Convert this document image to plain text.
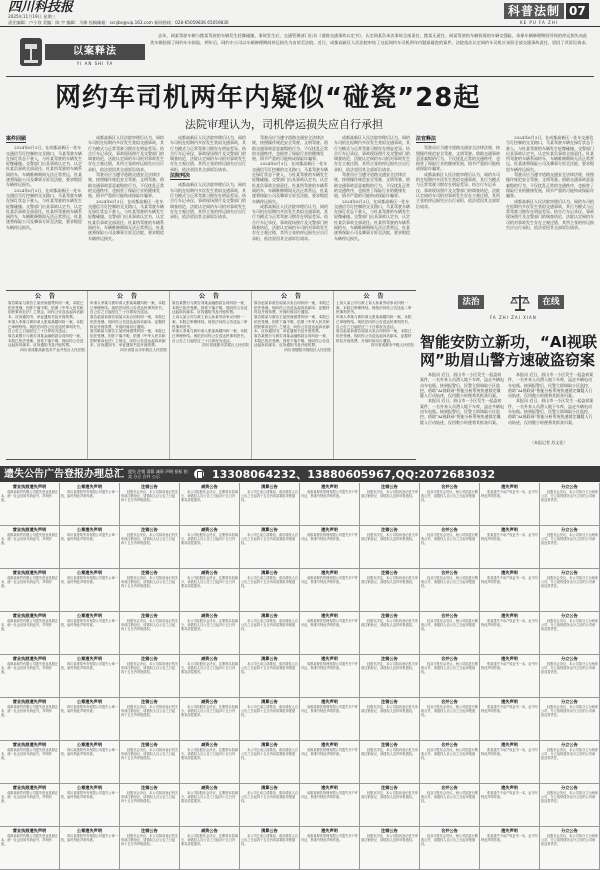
四川科技报
2025年11月19日 星期三
责任编辑：卢小容 美编：陈 宇 编辑：马梅 投稿邮箱：scnjbs@vip.163.com 新闻热线：028-65059836 65059830
科普法制 07
KE PU FA ZHI
以案释法
YI AN SHI FA

去年，网某驾驶车辆与摆某驾驶的车辆发生轻微碰撞，事故发生后，交通管理部门出具《道路交通事故认定书》，认定网某负本次事故全部责任，摆某无责任。网某驾驶的车辆投保的车辆交强险，承保车辆修理期间导致的停运损失向此类车辆投保了网约车车损险，两年后，网约车公司以车辆修理期间停运损失为由诉至法院。近日，成都高新区人民法院审结了这起网约车司机两年内疑似碰瓷的案件，法院依法认定网约车司机应承担全部交通事故责任，驳回了其诉讼请求。

网约车司机两年内疑似“碰瓷”28起
法院审理认为，司机停运损失应自行承担
案件回顾

2024年6月3日，在成都高新区一处车交通信号灯控制的交叉路口，马某驾驶车辆在绿灯状态下驶入，与杜某驾驶的车辆发生轻微碰撞。交警部门出具事故认定书，认定杜某负事故全部责任。杜某所驾驶的车辆系网约车，车辆维修期间无法正常营运，杜某遂将保险公司及肇事方诉至法院，要求赔偿车辆停运损失。

2024年6月3日，在成都高新区一处车交通信号灯控制的交叉路口，马某驾驶车辆在绿灯状态下驶入，与杜某驾驶的车辆发生轻微碰撞。交警部门出具事故认定书，认定杜某负事故全部责任。杜某所驾驶的车辆系网约车，车辆维修期间无法正常营运，杜某遂将保险公司及肇事方诉至法院，要求赔偿车辆停运损失。

成都高新区人民法院审理后认为，网约车司机在短期内多次发生类似交通事故，其行为模式与正常驾驶习惯存在明显差异。结合行车记录仪、事故现场照片及交警部门的调查结论，法院认定网约车司机对事故发生存在主观过错，其所主张的停运损失应自行承担，依法驳回其全部诉讼请求。

驾驶员应当遵守道路交通安全法律法规，按照操作规范安全驾驶、文明驾驶。借助交通事故恶意索赔的行为，不仅扰乱正常的交通秩序，也损害了保险行业的健康发展，情节严重的可能构成保险诈骗罪。

2024年6月3日，在成都高新区一处车交通信号灯控制的交叉路口，马某驾驶车辆在绿灯状态下驶入，与杜某驾驶的车辆发生轻微碰撞。交警部门出具事故认定书，认定杜某负事故全部责任。杜某所驾驶的车辆系网约车，车辆维修期间无法正常营运，杜某遂将保险公司及肇事方诉至法院，要求赔偿车辆停运损失。

成都高新区人民法院审理后认为，网约车司机在短期内多次发生类似交通事故，其行为模式与正常驾驶习惯存在明显差异。结合行车记录仪、事故现场照片及交警部门的调查结论，法院认定网约车司机对事故发生存在主观过错，其所主张的停运损失应自行承担，依法驳回其全部诉讼请求。

法院判决

成都高新区人民法院审理后认为，网约车司机在短期内多次发生类似交通事故，其行为模式与正常驾驶习惯存在明显差异。结合行车记录仪、事故现场照片及交警部门的调查结论，法院认定网约车司机对事故发生存在主观过错，其所主张的停运损失应自行承担，依法驳回其全部诉讼请求。

驾驶员应当遵守道路交通安全法律法规，按照操作规范安全驾驶、文明驾驶。借助交通事故恶意索赔的行为，不仅扰乱正常的交通秩序，也损害了保险行业的健康发展，情节严重的可能构成保险诈骗罪。

2024年6月3日，在成都高新区一处车交通信号灯控制的交叉路口，马某驾驶车辆在绿灯状态下驶入，与杜某驾驶的车辆发生轻微碰撞。交警部门出具事故认定书，认定杜某负事故全部责任。杜某所驾驶的车辆系网约车，车辆维修期间无法正常营运，杜某遂将保险公司及肇事方诉至法院，要求赔偿车辆停运损失。

成都高新区人民法院审理后认为，网约车司机在短期内多次发生类似交通事故，其行为模式与正常驾驶习惯存在明显差异。结合行车记录仪、事故现场照片及交警部门的调查结论，法院认定网约车司机对事故发生存在主观过错，其所主张的停运损失应自行承担，依法驳回其全部诉讼请求。

成都高新区人民法院审理后认为，网约车司机在短期内多次发生类似交通事故，其行为模式与正常驾驶习惯存在明显差异。结合行车记录仪、事故现场照片及交警部门的调查结论，法院认定网约车司机对事故发生存在主观过错，其所主张的停运损失应自行承担，依法驳回其全部诉讼请求。

驾驶员应当遵守道路交通安全法律法规，按照操作规范安全驾驶、文明驾驶。借助交通事故恶意索赔的行为，不仅扰乱正常的交通秩序，也损害了保险行业的健康发展，情节严重的可能构成保险诈骗罪。

2024年6月3日，在成都高新区一处车交通信号灯控制的交叉路口，马某驾驶车辆在绿灯状态下驶入，与杜某驾驶的车辆发生轻微碰撞。交警部门出具事故认定书，认定杜某负事故全部责任。杜某所驾驶的车辆系网约车，车辆维修期间无法正常营运，杜某遂将保险公司及肇事方诉至法院，要求赔偿车辆停运损失。

法官释法

驾驶员应当遵守道路交通安全法律法规，按照操作规范安全驾驶、文明驾驶。借助交通事故恶意索赔的行为，不仅扰乱正常的交通秩序，也损害了保险行业的健康发展，情节严重的可能构成保险诈骗罪。

成都高新区人民法院审理后认为，网约车司机在短期内多次发生类似交通事故，其行为模式与正常驾驶习惯存在明显差异。结合行车记录仪、事故现场照片及交警部门的调查结论，法院认定网约车司机对事故发生存在主观过错，其所主张的停运损失应自行承担，依法驳回其全部诉讼请求。

2024年6月3日，在成都高新区一处车交通信号灯控制的交叉路口，马某驾驶车辆在绿灯状态下驶入，与杜某驾驶的车辆发生轻微碰撞。交警部门出具事故认定书，认定杜某负事故全部责任。杜某所驾驶的车辆系网约车，车辆维修期间无法正常营运，杜某遂将保险公司及肇事方诉至法院，要求赔偿车辆停运损失。

驾驶员应当遵守道路交通安全法律法规，按照操作规范安全驾驶、文明驾驶。借助交通事故恶意索赔的行为，不仅扰乱正常的交通秩序，也损害了保险行业的健康发展，情节严重的可能构成保险诈骗罪。

成都高新区人民法院审理后认为，网约车司机在短期内多次发生类似交通事故，其行为模式与正常驾驶习惯存在明显差异。结合行车记录仪、事故现场照片及交警部门的调查结论，法院认定网约车司机对事故发生存在主观过错，其所主张的停运损失应自行承担，依法驳回其全部诉讼请求。

公 告

原告陈某与被告王某民间借贷纠纷一案，本院已依法受理。因你下落不明，依照《中华人民共和国民事诉讼法》之规定，向你公告送达起诉状副本、应诉通知书、举证通知书及开庭传票。

申请人李某与被申请人张某离婚纠纷一案，本院已审理终结。现依法向你公告送达民事判决书，自公告之日起经过三十日即视为送达。

原告某银行与被告刘某金融借款合同纠纷一案，本院已依法受理。因你下落不明，现向你公告送达起诉状副本、应诉通知书及开庭传票。

四川省成都高新技术产业开发区人民法院
公 告

申请人李某与被申请人张某离婚纠纷一案，本院已审理终结。现依法向你公告送达民事判决书，自公告之日起经过三十日即视为送达。

原告赵某诉被告周某买卖合同纠纷一案，本院已依法受理。现向你公告送达起诉状副本、证据材料及开庭传票，开庭时间另行通知。

原告陈某与被告王某民间借贷纠纷一案，本院已依法受理。因你下落不明，依照《中华人民共和国民事诉讼法》之规定，向你公告送达起诉状副本、应诉通知书、举证通知书及开庭传票。

四川省眉山市东坡区人民法院
公 告

原告某银行与被告刘某金融借款合同纠纷一案，本院已依法受理。因你下落不明，现向你公告送达起诉状副本、应诉通知书及开庭传票。

上诉人某公司与被上诉人孙某劳动争议纠纷一案，本院已审理终结。现依法向你公告送达二审民事判决书。

申请人李某与被申请人张某离婚纠纷一案，本院已审理终结。现依法向你公告送达民事判决书，自公告之日起经过三十日即视为送达。

四川省成都市武侯区人民法院
公 告

原告赵某诉被告周某买卖合同纠纷一案，本院已依法受理。现向你公告送达起诉状副本、证据材料及开庭传票，开庭时间另行通知。

原告陈某与被告王某民间借贷纠纷一案，本院已依法受理。因你下落不明，依照《中华人民共和国民事诉讼法》之规定，向你公告送达起诉状副本、应诉通知书、举证通知书及开庭传票。

原告某银行与被告刘某金融借款合同纠纷一案，本院已依法受理。因你下落不明，现向你公告送达起诉状副本、应诉通知书及开庭传票。

四川省德阳市旌阳区人民法院
公 告

上诉人某公司与被上诉人孙某劳动争议纠纷一案，本院已审理终结。现依法向你公告送达二审民事判决书。

申请人李某与被申请人张某离婚纠纷一案，本院已审理终结。现依法向你公告送达民事判决书，自公告之日起经过三十日即视为送达。

原告赵某诉被告周某买卖合同纠纷一案，本院已依法受理。现向你公告送达起诉状副本、证据材料及开庭传票，开庭时间另行通知。

四川省成都市中级人民法院
法治	在线
FA ZHI ZAI XIAN
智能安防立新功，“AI视联网”助眉山警方速破盗窃案

本报讯 近日，眉山市一小区发生一起盗窃案件，一名外来人员潜入地下车库，盗走多辆电动车电瓶。接到报警后，民警立即调取小区监控，借助“AI视联网”智能分析系统快速锁定嫌疑人行动轨迹，仅用数小时便将其抓获归案。

本报讯 近日，眉山市一小区发生一起盗窃案件，一名外来人员潜入地下车库，盗走多辆电动车电瓶。接到报警后，民警立即调取小区监控，借助“AI视联网”智能分析系统快速锁定嫌疑人行动轨迹，仅用数小时便将其抓获归案。

本报讯 近日，眉山市一小区发生一起盗窃案件，一名外来人员潜入地下车库，盗走多辆电动车电瓶。接到报警后，民警立即调取小区监控，借助“AI视联网”智能分析系统快速锁定嫌疑人行动轨迹，仅用数小时便将其抓获归案。

本报讯 近日，眉山市一小区发生一起盗窃案件，一名外来人员潜入地下车库，盗走多辆电动车电瓶。接到报警后，民警立即调取小区监控，借助“AI视联网”智能分析系统快速锁定嫌疑人行动轨迹，仅用数小时便将其抓获归案。

（本报记者 苏文佳）
遗失公告广告登报办理总汇 遗失 注销 清算 减资 声明 招标 拍卖 分立 合并 公示	13308064232、13880605967,QQ:2072683032
营业执照遗失声明
成都某商贸有限公司遗失营业执照正本，统一社会信用代码证号，声明作废。
公章遗失声明
四川某建筑劳务有限公司遗失公章一枚，编号特此声明作废。
注销公告
经股东会决议，本公司拟向登记机关申请注销登记，请债权人自公告之日起四十五日内申报债权。
减资公告
本公司经股东会决议，注册资本拟减少，请债权人自公告之日起四十五日内要求清偿债务。
清算公告
本公司已成立清算组，请各债权人自公告之日起四十五日内向清算组申报债权。
遗失声明
成都某餐饮管理有限公司遗失开户许可证，核准号特此声明作废。
注销公告
经股东决定，本公司拟向登记机关申请注销登记，请债权人及时申报债权。
合并公告
经双方股东会决议，两公司拟进行吸收合并，请债权人自公告之日起申报债权。
遗失声明
张某遗失不动产权证书一本，证书号特此声明作废。
分立公告
经股东会决议，本公司拟分立为两家公司，分立前的债务由分立后的公司承担连带责任。
营业执照遗失声明
成都某商贸有限公司遗失营业执照正本，统一社会信用代码证号，声明作废。
公章遗失声明
四川某建筑劳务有限公司遗失公章一枚，编号特此声明作废。
注销公告
经股东会决议，本公司拟向登记机关申请注销登记，请债权人自公告之日起四十五日内申报债权。
减资公告
本公司经股东会决议，注册资本拟减少，请债权人自公告之日起四十五日内要求清偿债务。
清算公告
本公司已成立清算组，请各债权人自公告之日起四十五日内向清算组申报债权。
遗失声明
成都某餐饮管理有限公司遗失开户许可证，核准号特此声明作废。
注销公告
经股东决定，本公司拟向登记机关申请注销登记，请债权人及时申报债权。
合并公告
经双方股东会决议，两公司拟进行吸收合并，请债权人自公告之日起申报债权。
遗失声明
张某遗失不动产权证书一本，证书号特此声明作废。
分立公告
经股东会决议，本公司拟分立为两家公司，分立前的债务由分立后的公司承担连带责任。
营业执照遗失声明
成都某商贸有限公司遗失营业执照正本，统一社会信用代码证号，声明作废。
公章遗失声明
四川某建筑劳务有限公司遗失公章一枚，编号特此声明作废。
注销公告
经股东会决议，本公司拟向登记机关申请注销登记，请债权人自公告之日起四十五日内申报债权。
减资公告
本公司经股东会决议，注册资本拟减少，请债权人自公告之日起四十五日内要求清偿债务。
清算公告
本公司已成立清算组，请各债权人自公告之日起四十五日内向清算组申报债权。
遗失声明
成都某餐饮管理有限公司遗失开户许可证，核准号特此声明作废。
注销公告
经股东决定，本公司拟向登记机关申请注销登记，请债权人及时申报债权。
合并公告
经双方股东会决议，两公司拟进行吸收合并，请债权人自公告之日起申报债权。
遗失声明
张某遗失不动产权证书一本，证书号特此声明作废。
分立公告
经股东会决议，本公司拟分立为两家公司，分立前的债务由分立后的公司承担连带责任。
营业执照遗失声明
成都某商贸有限公司遗失营业执照正本，统一社会信用代码证号，声明作废。
公章遗失声明
四川某建筑劳务有限公司遗失公章一枚，编号特此声明作废。
注销公告
经股东会决议，本公司拟向登记机关申请注销登记，请债权人自公告之日起四十五日内申报债权。
减资公告
本公司经股东会决议，注册资本拟减少，请债权人自公告之日起四十五日内要求清偿债务。
清算公告
本公司已成立清算组，请各债权人自公告之日起四十五日内向清算组申报债权。
遗失声明
成都某餐饮管理有限公司遗失开户许可证，核准号特此声明作废。
注销公告
经股东决定，本公司拟向登记机关申请注销登记，请债权人及时申报债权。
合并公告
经双方股东会决议，两公司拟进行吸收合并，请债权人自公告之日起申报债权。
遗失声明
张某遗失不动产权证书一本，证书号特此声明作废。
分立公告
经股东会决议，本公司拟分立为两家公司，分立前的债务由分立后的公司承担连带责任。
营业执照遗失声明
成都某商贸有限公司遗失营业执照正本，统一社会信用代码证号，声明作废。
公章遗失声明
四川某建筑劳务有限公司遗失公章一枚，编号特此声明作废。
注销公告
经股东会决议，本公司拟向登记机关申请注销登记，请债权人自公告之日起四十五日内申报债权。
减资公告
本公司经股东会决议，注册资本拟减少，请债权人自公告之日起四十五日内要求清偿债务。
清算公告
本公司已成立清算组，请各债权人自公告之日起四十五日内向清算组申报债权。
遗失声明
成都某餐饮管理有限公司遗失开户许可证，核准号特此声明作废。
注销公告
经股东决定，本公司拟向登记机关申请注销登记，请债权人及时申报债权。
合并公告
经双方股东会决议，两公司拟进行吸收合并，请债权人自公告之日起申报债权。
遗失声明
张某遗失不动产权证书一本，证书号特此声明作废。
分立公告
经股东会决议，本公司拟分立为两家公司，分立前的债务由分立后的公司承担连带责任。
营业执照遗失声明
成都某商贸有限公司遗失营业执照正本，统一社会信用代码证号，声明作废。
公章遗失声明
四川某建筑劳务有限公司遗失公章一枚，编号特此声明作废。
注销公告
经股东会决议，本公司拟向登记机关申请注销登记，请债权人自公告之日起四十五日内申报债权。
减资公告
本公司经股东会决议，注册资本拟减少，请债权人自公告之日起四十五日内要求清偿债务。
清算公告
本公司已成立清算组，请各债权人自公告之日起四十五日内向清算组申报债权。
遗失声明
成都某餐饮管理有限公司遗失开户许可证，核准号特此声明作废。
注销公告
经股东决定，本公司拟向登记机关申请注销登记，请债权人及时申报债权。
合并公告
经双方股东会决议，两公司拟进行吸收合并，请债权人自公告之日起申报债权。
遗失声明
张某遗失不动产权证书一本，证书号特此声明作废。
分立公告
经股东会决议，本公司拟分立为两家公司，分立前的债务由分立后的公司承担连带责任。
营业执照遗失声明
成都某商贸有限公司遗失营业执照正本，统一社会信用代码证号，声明作废。
公章遗失声明
四川某建筑劳务有限公司遗失公章一枚，编号特此声明作废。
注销公告
经股东会决议，本公司拟向登记机关申请注销登记，请债权人自公告之日起四十五日内申报债权。
减资公告
本公司经股东会决议，注册资本拟减少，请债权人自公告之日起四十五日内要求清偿债务。
清算公告
本公司已成立清算组，请各债权人自公告之日起四十五日内向清算组申报债权。
遗失声明
成都某餐饮管理有限公司遗失开户许可证，核准号特此声明作废。
注销公告
经股东决定，本公司拟向登记机关申请注销登记，请债权人及时申报债权。
合并公告
经双方股东会决议，两公司拟进行吸收合并，请债权人自公告之日起申报债权。
遗失声明
张某遗失不动产权证书一本，证书号特此声明作废。
分立公告
经股东会决议，本公司拟分立为两家公司，分立前的债务由分立后的公司承担连带责任。
营业执照遗失声明
成都某商贸有限公司遗失营业执照正本，统一社会信用代码证号，声明作废。
公章遗失声明
四川某建筑劳务有限公司遗失公章一枚，编号特此声明作废。
注销公告
经股东会决议，本公司拟向登记机关申请注销登记，请债权人自公告之日起四十五日内申报债权。
减资公告
本公司经股东会决议，注册资本拟减少，请债权人自公告之日起四十五日内要求清偿债务。
清算公告
本公司已成立清算组，请各债权人自公告之日起四十五日内向清算组申报债权。
遗失声明
成都某餐饮管理有限公司遗失开户许可证，核准号特此声明作废。
注销公告
经股东决定，本公司拟向登记机关申请注销登记，请债权人及时申报债权。
合并公告
经双方股东会决议，两公司拟进行吸收合并，请债权人自公告之日起申报债权。
遗失声明
张某遗失不动产权证书一本，证书号特此声明作废。
分立公告
经股东会决议，本公司拟分立为两家公司，分立前的债务由分立后的公司承担连带责任。
营业执照遗失声明
成都某商贸有限公司遗失营业执照正本，统一社会信用代码证号，声明作废。
公章遗失声明
四川某建筑劳务有限公司遗失公章一枚，编号特此声明作废。
注销公告
经股东会决议，本公司拟向登记机关申请注销登记，请债权人自公告之日起四十五日内申报债权。
减资公告
本公司经股东会决议，注册资本拟减少，请债权人自公告之日起四十五日内要求清偿债务。
清算公告
本公司已成立清算组，请各债权人自公告之日起四十五日内向清算组申报债权。
遗失声明
成都某餐饮管理有限公司遗失开户许可证，核准号特此声明作废。
注销公告
经股东决定，本公司拟向登记机关申请注销登记，请债权人及时申报债权。
合并公告
经双方股东会决议，两公司拟进行吸收合并，请债权人自公告之日起申报债权。
遗失声明
张某遗失不动产权证书一本，证书号特此声明作废。
分立公告
经股东会决议，本公司拟分立为两家公司，分立前的债务由分立后的公司承担连带责任。
